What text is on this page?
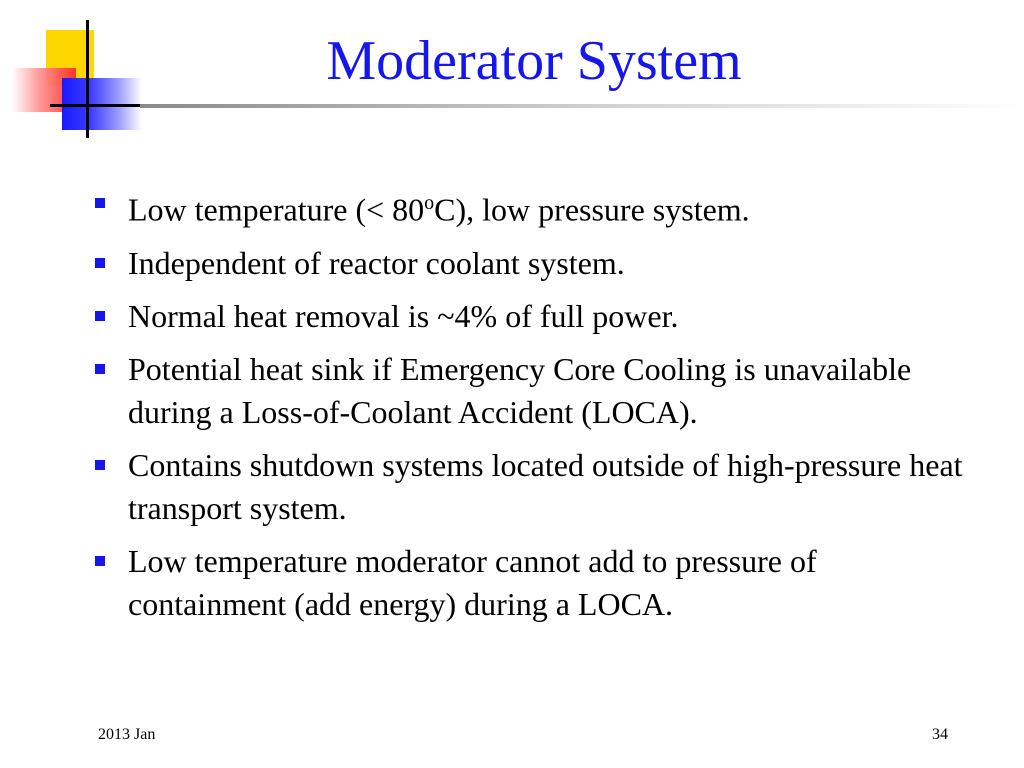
Moderator System
Low temperature (< $80^oC$), low pressure system.
Independent of reactor coolant system.
Normal heat removal is ~4% of full power.
Potential heat sink if Emergency Core Cooling is unavailable during a Loss-of-Coolant Accident (LOCA).
Contains shutdown systems located outside of high-pressure heat transport system.
Low temperature moderator cannot add to pressure of containment (add energy) during a LOCA.
2013 Jan	34
